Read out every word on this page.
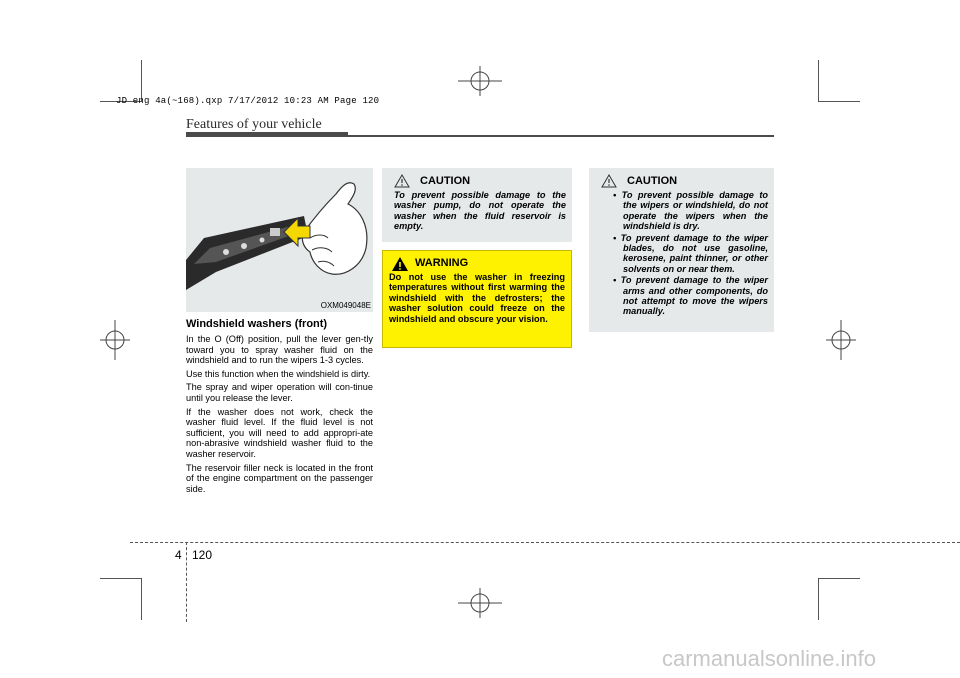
JD eng 4a(~168).qxp 7/17/2012 10:23 AM Page 120
Features of your vehicle
OXM049048E
Windshield washers (front)

In the O (Off) position, pull the lever gen-tly toward you to spray washer fluid on the windshield and to run the wipers 1-3 cycles.

Use this function when the windshield is dirty.

The spray and wiper operation will con-tinue until you release the lever.

If the washer does not work, check the washer fluid level. If the fluid level is not sufficient, you will need to add appropri-ate non-abrasive windshield washer fluid to the washer reservoir.

The reservoir filler neck is located in the front of the engine compartment on the passenger side.

CAUTION
To prevent possible damage to the washer pump, do not operate the washer when the fluid reservoir is empty.
WARNING
Do not use the washer in freezing temperatures without first warming the windshield with the defrosters; the washer solution could freeze on the windshield and obscure your vision.
CAUTION
• To prevent possible damage to the wipers or windshield, do not operate the wipers when the windshield is dry.
• To prevent damage to the wiper blades, do not use gasoline, kerosene, paint thinner, or other solvents on or near them.
• To prevent damage to the wiper arms and other components, do not attempt to move the wipers manually.
4 120
carmanualsonline.info
